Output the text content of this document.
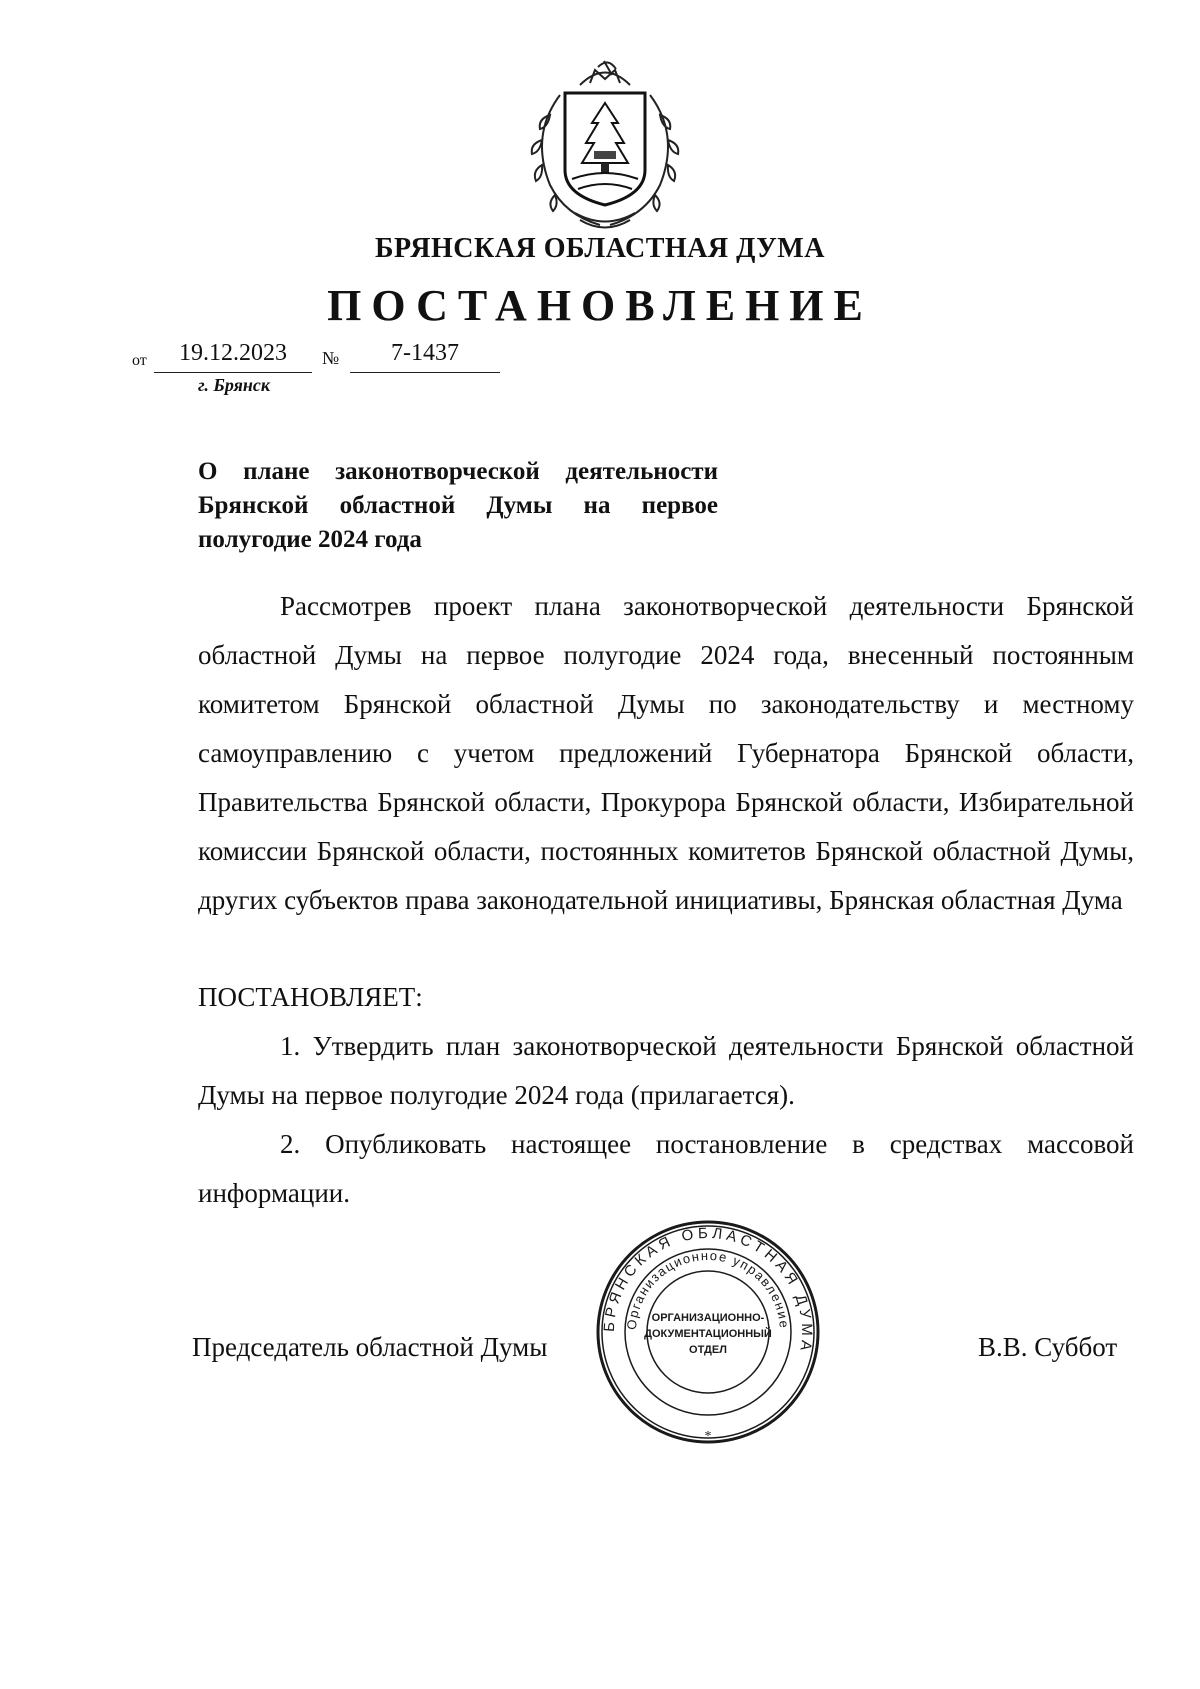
БРЯНСКАЯ ОБЛАСТНАЯ ДУМА
ПОСТАНОВЛЕНИЕ
от	19.12.2023	№	7-1437
г. Брянск
О плане законотворческой деятельности
Брянской областной Думы на первое
полугодие 2024 года

Рассмотрев проект плана законотворческой деятельности Брянской областной Думы на первое полугодие 2024 года, внесенный постоянным комитетом Брянской областной Думы по законодательству и местному самоуправлению с учетом предложений Губернатора Брянской области, Правительства Брянской области, Прокурора Брянской области, Избирательной комиссии Брянской области, постоянных комитетов Брянской областной Думы, других субъектов права законодательной инициативы, Брянская областная Дума

ПОСТАНОВЛЯЕТ:

1. Утвердить план законотворческой деятельности Брянской областной Думы на первое полугодие 2024 года (прилагается).

2. Опубликовать настоящее постановление в средствах массовой информации.

Председатель областной Думы	В.В. Суббот
БРЯНСКАЯ ОБЛАСТНАЯ ДУМА
Организационное управление
ОРГАНИЗАЦИОННО-
ДОКУМЕНТАЦИОННЫЙ
ОТДЕЛ
*
